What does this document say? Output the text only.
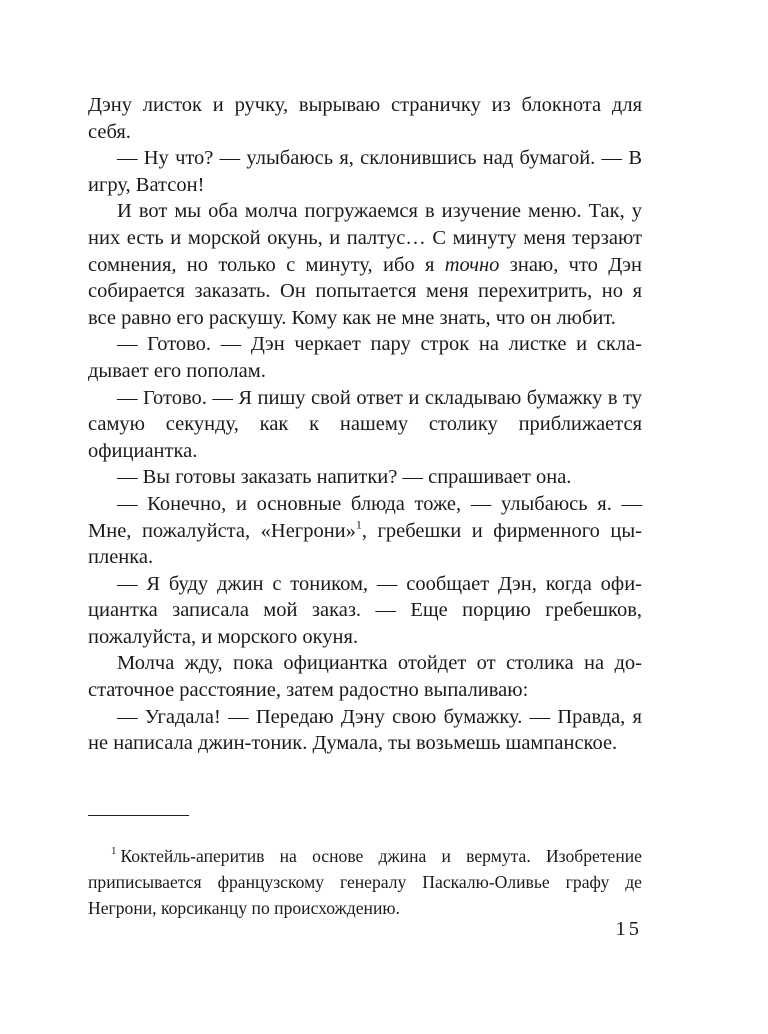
Дэну листок и ручку, вырываю страничку из блокнота для себя.

— Ну что? — улыбаюсь я, склонившись над бумагой. — В игру, Ватсон!

И вот мы оба молча погружаемся в изучение меню. Так, у них есть и морской окунь, и палтус… С минуту меня терзают сомнения, но только с минуту, ибо я точно знаю, что Дэн собирается заказать. Он попытается меня перехитрить, но я все равно его раскушу. Кому как не мне знать, что он любит.

— Готово. — Дэн черкает пару строк на листке и складывает его пополам.

— Готово. — Я пишу свой ответ и складываю бумажку в ту самую секунду, как к нашему столику приближается официантка.

— Вы готовы заказать напитки? — спрашивает она.

— Конечно, и основные блюда тоже, — улыбаюсь я. — Мне, пожалуйста, «Негрони»$^1$, гребешки и фирменного цыпленка.

— Я буду джин с тоником, — сообщает Дэн, когда официантка записала мой заказ. — Еще порцию гребешков, пожалуйста, и морского окуня.

Молча жду, пока официантка отойдет от столика на достаточное расстояние, затем радостно выпаливаю:

— Угадала! — Передаю Дэну свою бумажку. — Правда, я не написала джин-тоник. Думала, ты возьмешь шампанское.

$^1$ Коктейль-аперитив на основе джина и вермута. Изобретение приписывается французскому генералу Паскалю-Оливье графу де Негрони, корсиканцу по происхождению.

15
